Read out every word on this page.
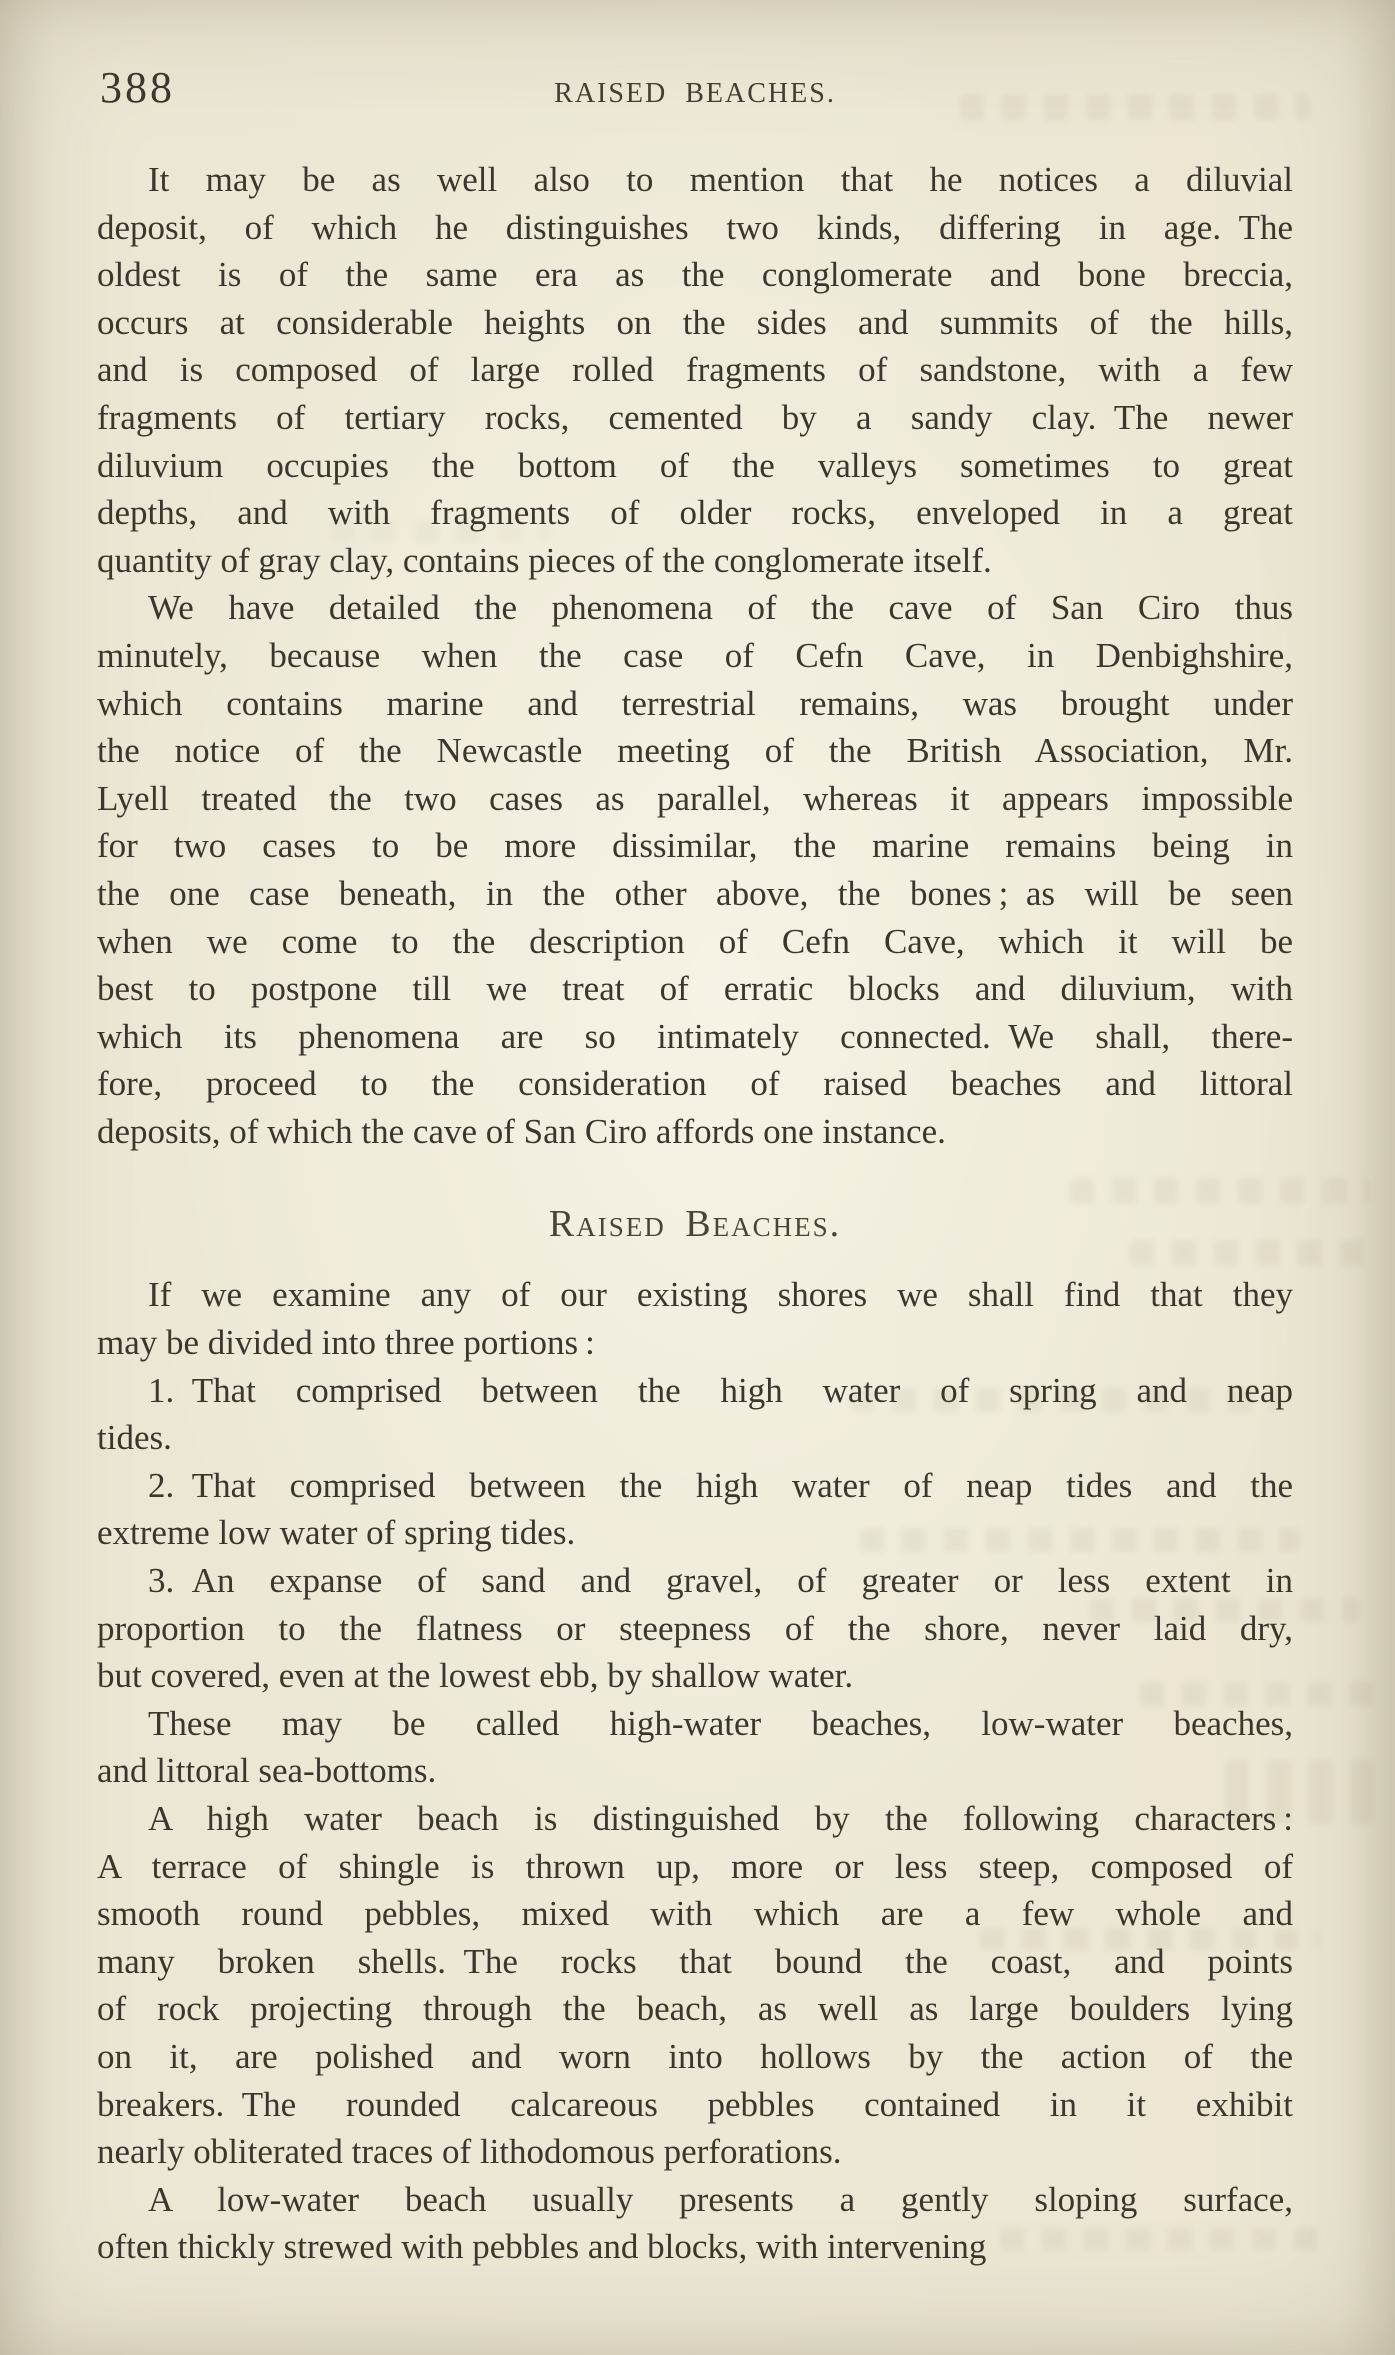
388	RAISED BEACHES.
It may be as well also to mention that he notices a diluvial
deposit, of which he distinguishes two kinds, differing in age. The
oldest is of the same era as the conglomerate and bone breccia,
occurs at considerable heights on the sides and summits of the hills,
and is composed of large rolled fragments of sandstone, with a few
fragments of tertiary rocks, cemented by a sandy clay. The newer
diluvium occupies the bottom of the valleys sometimes to great
depths, and with fragments of older rocks, enveloped in a great
quantity of gray clay, contains pieces of the conglomerate itself.
We have detailed the phenomena of the cave of San Ciro thus
minutely, because when the case of Cefn Cave, in Denbighshire,
which contains marine and terrestrial remains, was brought under
the notice of the Newcastle meeting of the British Association, Mr.
Lyell treated the two cases as parallel, whereas it appears impossible
for two cases to be more dissimilar, the marine remains being in
the one case beneath, in the other above, the bones ; as will be seen
when we come to the description of Cefn Cave, which it will be
best to postpone till we treat of erratic blocks and diluvium, with
which its phenomena are so intimately connected. We shall, there-
fore, proceed to the consideration of raised beaches and littoral
deposits, of which the cave of San Ciro affords one instance.
Raised Beaches.
If we examine any of our existing shores we shall find that they
may be divided into three portions :
1. That comprised between the high water of spring and neap
tides.
2. That comprised between the high water of neap tides and the
extreme low water of spring tides.
3. An expanse of sand and gravel, of greater or less extent in
proportion to the flatness or steepness of the shore, never laid dry,
but covered, even at the lowest ebb, by shallow water.
These may be called high-water beaches, low-water beaches,
and littoral sea-bottoms.
A high water beach is distinguished by the following characters :
A terrace of shingle is thrown up, more or less steep, composed of
smooth round pebbles, mixed with which are a few whole and
many broken shells. The rocks that bound the coast, and points
of rock projecting through the beach, as well as large boulders lying
on it, are polished and worn into hollows by the action of the
breakers. The rounded calcareous pebbles contained in it exhibit
nearly obliterated traces of lithodomous perforations.
A low-water beach usually presents a gently sloping surface,
often thickly strewed with pebbles and blocks, with intervening
